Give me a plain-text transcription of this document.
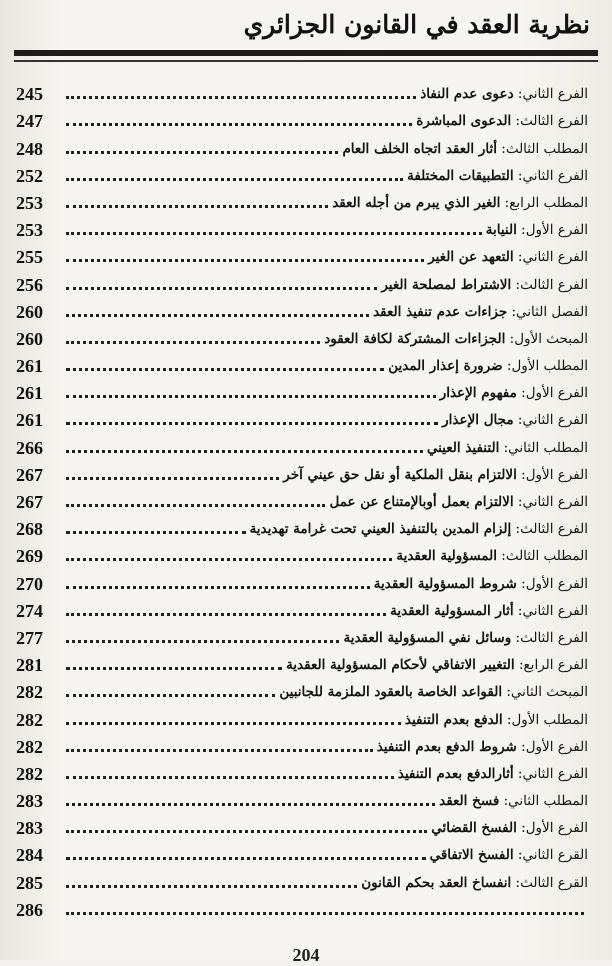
نظرية العقد في القانون الجزائري
245	الفرع الثاني: دعوى عدم النفاذ
247	الفرع الثالث: الدعوى المباشرة
248	المطلب الثالث: أثار العقد اتجاه الخلف العام
252	الفرع الثاني: التطبيقات المختلفة
253	المطلب الرابع: الغير الذي يبرم من أجله العقد
253	الفرع الأول: النيابة
255	الفرع الثاني: التعهد عن الغير
256	الفرع الثالث: الاشتراط لمصلحة الغير
260	الفصل الثاني: جزاءات عدم تنفيذ العقد
260	المبحث الأول: الجزاءات المشتركة لكافة العقود
261	المطلب الأول: ضرورة إعذار المدين
261	الفرع الأول: مفهوم الإعذار
261	الفرع الثاني: مجال الإعذار
266	المطلب الثاني: التنفيذ العيني
267	الفرع الأول: الالتزام بنقل الملكية أو نقل حق عيني آخر
267	الفرع الثاني: الالتزام بعمل أوبالإمتناع عن عمل
268	الفرع الثالث: إلزام المدين بالتنفيذ العيني تحت غرامة تهديدية
269	المطلب الثالث: المسؤولية العقدية
270	الفرع الأول: شروط المسؤولية العقدية
274	الفرع الثاني: أثار المسؤولية العقدية
277	الفرع الثالث: وسائل نفي المسؤولية العقدية
281	الفرع الرابع: التغيير الاتفاقي لأحكام المسؤولية العقدية
282	المبحث الثاني: القواعد الخاصة بالعقود الملزمة للجانبين
282	المطلب الأول: الدفع بعدم التنفيذ
282	الفرع الأول: شروط الدفع بعدم التنفيذ
282	الفرع الثاني: أثارالدفع بعدم التنفيذ
283	المطلب الثاني: فسخ العقد
283	الفرع الأول: الفسخ القضائي
284	القرع الثاني: الفسخ الاتفاقي
285	القرع الثالث: انفساخ العقد بحكم القانون
286
204
